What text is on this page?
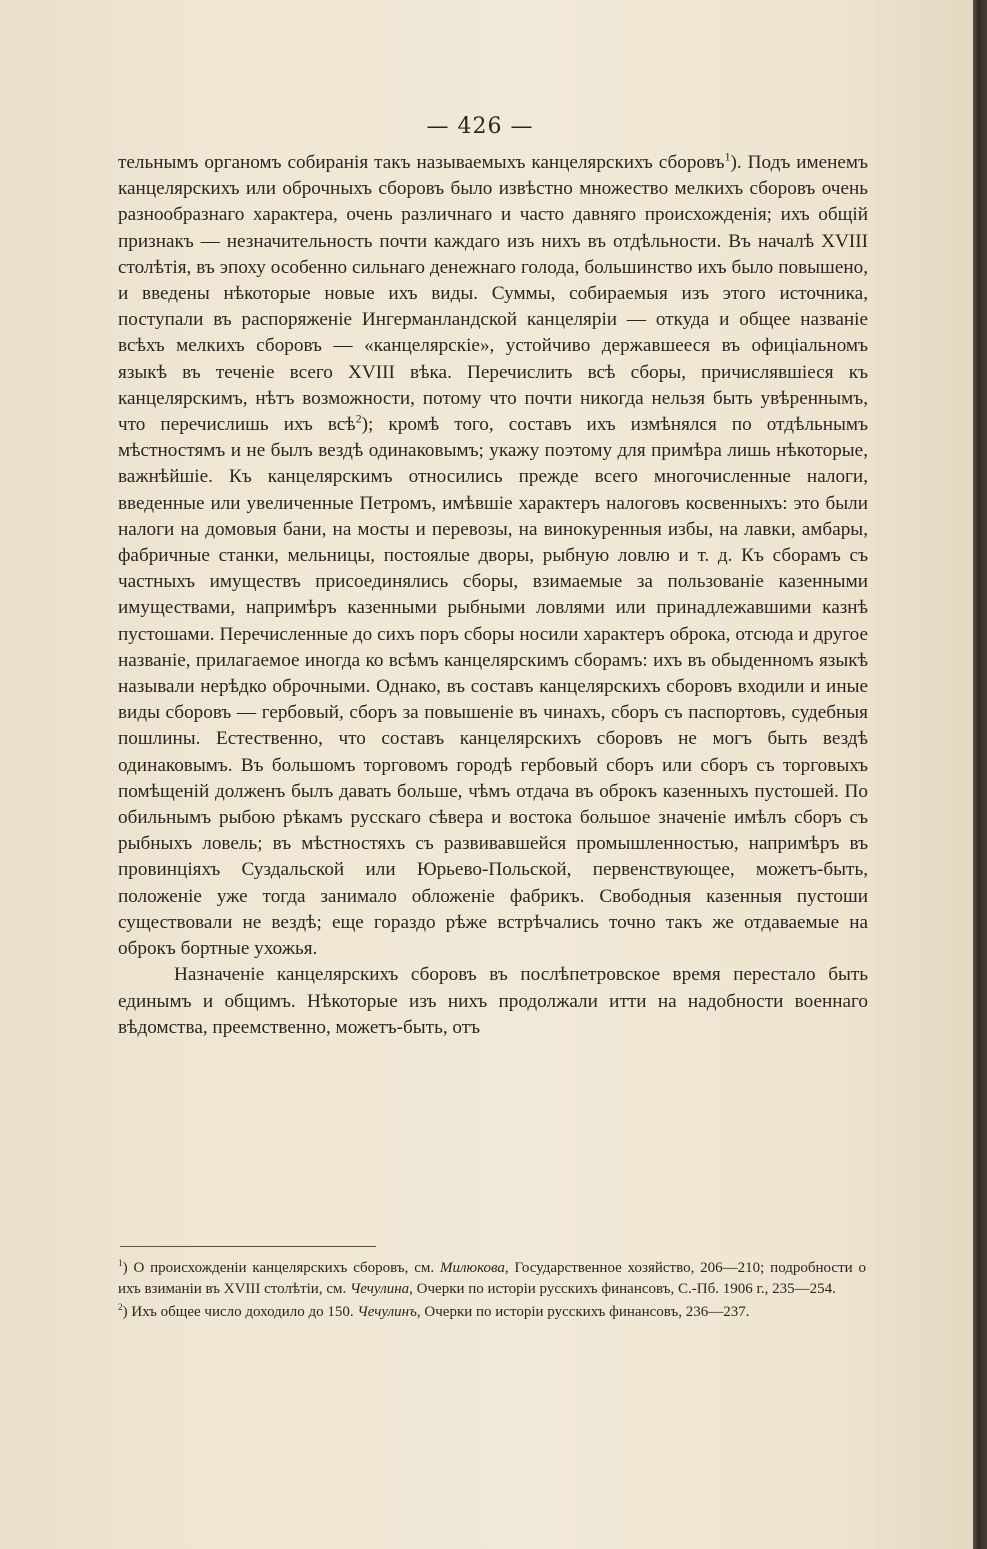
— 426 —

тельнымъ органомъ собиранія такъ называемыхъ канцелярскихъ сборовъ$^1$). Подъ именемъ канцелярскихъ или оброчныхъ сборовъ было извѣстно множество мелкихъ сборовъ очень разнообразнаго характера, очень различнаго и часто давняго происхожденія; ихъ общій признакъ — незначительность почти каждаго изъ нихъ въ отдѣльности. Въ началѣ XVIII столѣтія, въ эпоху особенно сильнаго денежнаго голода, большинство ихъ было повышено, и введены нѣкоторые новые ихъ виды. Суммы, собираемыя изъ этого источника, поступали въ распоряженіе Ингерманландской канцеляріи — откуда и общее названіе всѣхъ мелкихъ сборовъ — «канцелярскіе», устойчиво державшееся въ офиціальномъ языкѣ въ теченіе всего XVIII вѣка. Перечислить всѣ сборы, причислявшіеся къ канцелярскимъ, нѣтъ возможности, потому что почти никогда нельзя быть увѣреннымъ, что перечислишь ихъ всѣ$^2$); кромѣ того, составъ ихъ измѣнялся по отдѣльнымъ мѣстностямъ и не былъ вездѣ одинаковымъ; укажу поэтому для примѣра лишь нѣкоторые, важнѣйшіе. Къ канцелярскимъ относились прежде всего многочисленные налоги, введенные или увеличенные Петромъ, имѣвшіе характеръ налоговъ косвенныхъ: это были налоги на домовыя бани, на мосты и перевозы, на винокуренныя избы, на лавки, амбары, фабричные станки, мельницы, постоялые дворы, рыбную ловлю и т. д. Къ сборамъ съ частныхъ имуществъ присоединялись сборы, взимаемые за пользованіе казенными имуществами, напримѣръ казенными рыбными ловлями или принадлежавшими казнѣ пустошами. Перечисленные до сихъ поръ сборы носили характеръ оброка, отсюда и другое названіе, прилагаемое иногда ко всѣмъ канцелярскимъ сборамъ: ихъ въ обыденномъ языкѣ называли нерѣдко оброчными. Однако, въ составъ канцелярскихъ сборовъ входили и иные виды сборовъ — гербовый, сборъ за повышеніе въ чинахъ, сборъ съ паспортовъ, судебныя пошлины. Естественно, что составъ канцелярскихъ сборовъ не могъ быть вездѣ одинаковымъ. Въ большомъ торговомъ городѣ гербовый сборъ или сборъ съ торговыхъ помѣщеній долженъ былъ давать больше, чѣмъ отдача въ оброкъ казенныхъ пустошей. По обильнымъ рыбою рѣкамъ русскаго сѣвера и востока большое значеніе имѣлъ сборъ съ рыбныхъ ловель; въ мѣстностяхъ съ развивавшейся промышленностью, напримѣръ въ провинціяхъ Суздальской или Юрьево-Польской, первенствующее, можетъ-быть, положеніе уже тогда занимало обложеніе фабрикъ. Свободныя казенныя пустоши существовали не вездѣ; еще гораздо рѣже встрѣчались точно такъ же отдаваемые на оброкъ бортные ухожья.

Назначеніе канцелярскихъ сборовъ въ послѣпетровское время перестало быть единымъ и общимъ. Нѣкоторые изъ нихъ продолжали итти на надобности военнаго вѣдомства, преемственно, можетъ-быть, отъ

$^1$) О происхожденіи канцелярскихъ сборовъ, см. Милюкова, Государственное хозяйство, 206—210; подробности о ихъ взиманіи въ XVIII столѣтіи, см. Чечулина, Очерки по исторіи русскихъ финансовъ, С.-Пб. 1906 г., 235—254.

$^2$) Ихъ общее число доходило до 150. Чечулинъ, Очерки по исторіи русскихъ финансовъ, 236—237.
